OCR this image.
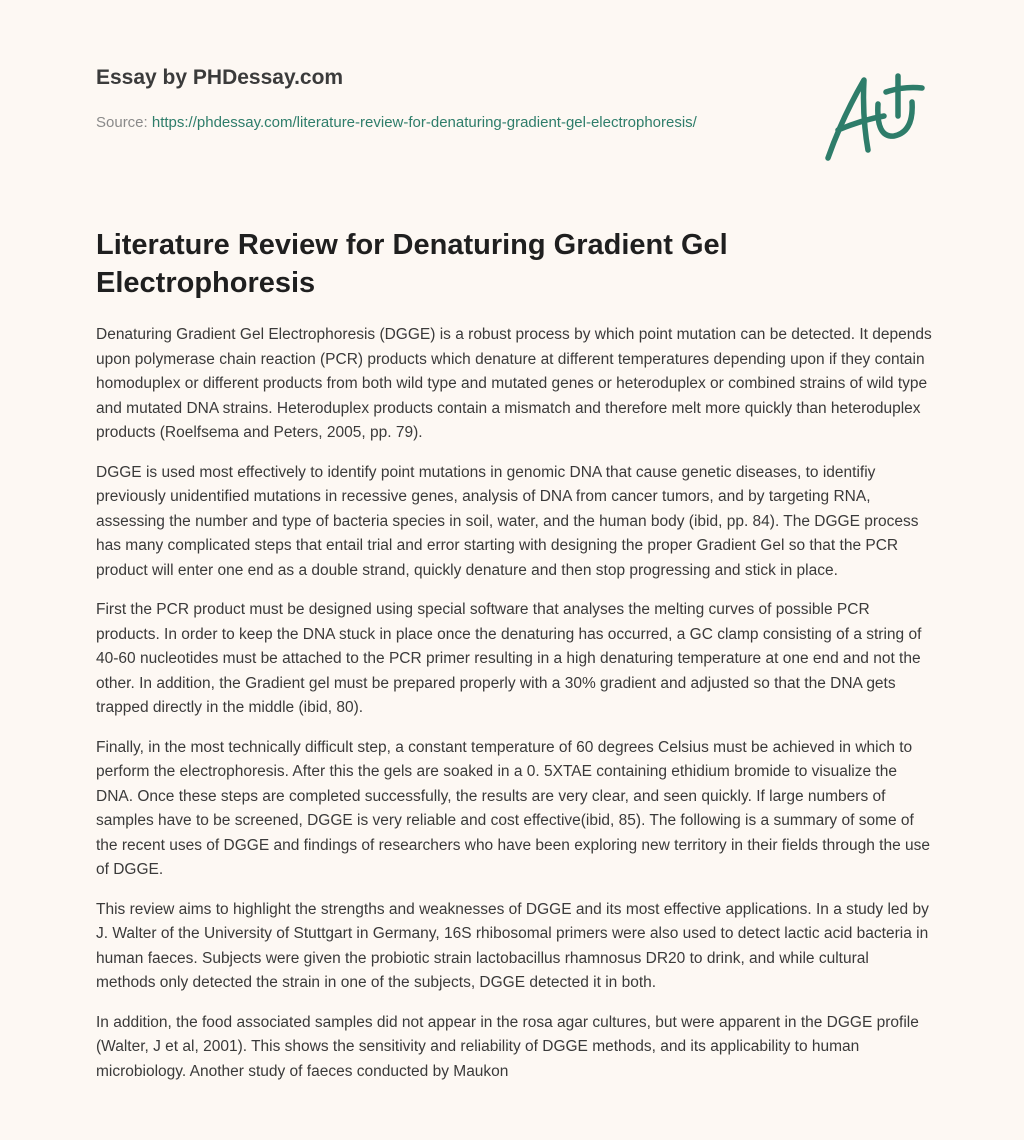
Essay by PHDessay.com
Source: https://phdessay.com/literature-review-for-denaturing-gradient-gel-electrophoresis/
Literature Review for Denaturing Gradient Gel Electrophoresis

Denaturing Gradient Gel Electrophoresis (DGGE) is a robust process by which point mutation can be detected. It depends upon polymerase chain reaction (PCR) products which denature at different temperatures depending upon if they contain homoduplex or different products from both wild type and mutated genes or heteroduplex or combined strains of wild type and mutated DNA strains. Heteroduplex products contain a mismatch and therefore melt more quickly than heteroduplex products (Roelfsema and Peters, 2005, pp. 79).

DGGE is used most effectively to identify point mutations in genomic DNA that cause genetic diseases, to identifiy previously unidentified mutations in recessive genes, analysis of DNA from cancer tumors, and by targeting RNA, assessing the number and type of bacteria species in soil, water, and the human body (ibid, pp. 84). The DGGE process has many complicated steps that entail trial and error starting with designing the proper Gradient Gel so that the PCR product will enter one end as a double strand, quickly denature and then stop progressing and stick in place.

First the PCR product must be designed using special software that analyses the melting curves of possible PCR products. In order to keep the DNA stuck in place once the denaturing has occurred, a GC clamp consisting of a string of 40-60 nucleotides must be attached to the PCR primer resulting in a high denaturing temperature at one end and not the other. In addition, the Gradient gel must be prepared properly with a 30% gradient and adjusted so that the DNA gets trapped directly in the middle (ibid, 80).

Finally, in the most technically difficult step, a constant temperature of 60 degrees Celsius must be achieved in which to perform the electrophoresis. After this the gels are soaked in a 0. 5XTAE containing ethidium bromide to visualize the DNA. Once these steps are completed successfully, the results are very clear, and seen quickly. If large numbers of samples have to be screened, DGGE is very reliable and cost effective(ibid, 85). The following is a summary of some of the recent uses of DGGE and findings of researchers who have been exploring new territory in their fields through the use of DGGE.

This review aims to highlight the strengths and weaknesses of DGGE and its most effective applications. In a study led by J. Walter of the University of Stuttgart in Germany, 16S rhibosomal primers were also used to detect lactic acid bacteria in human faeces. Subjects were given the probiotic strain lactobacillus rhamnosus DR20 to drink, and while cultural methods only detected the strain in one of the subjects, DGGE detected it in both.

In addition, the food associated samples did not appear in the rosa agar cultures, but were apparent in the DGGE profile (Walter, J et al, 2001). This shows the sensitivity and reliability of DGGE methods, and its applicability to human microbiology. Another study of faeces conducted by Maukon
